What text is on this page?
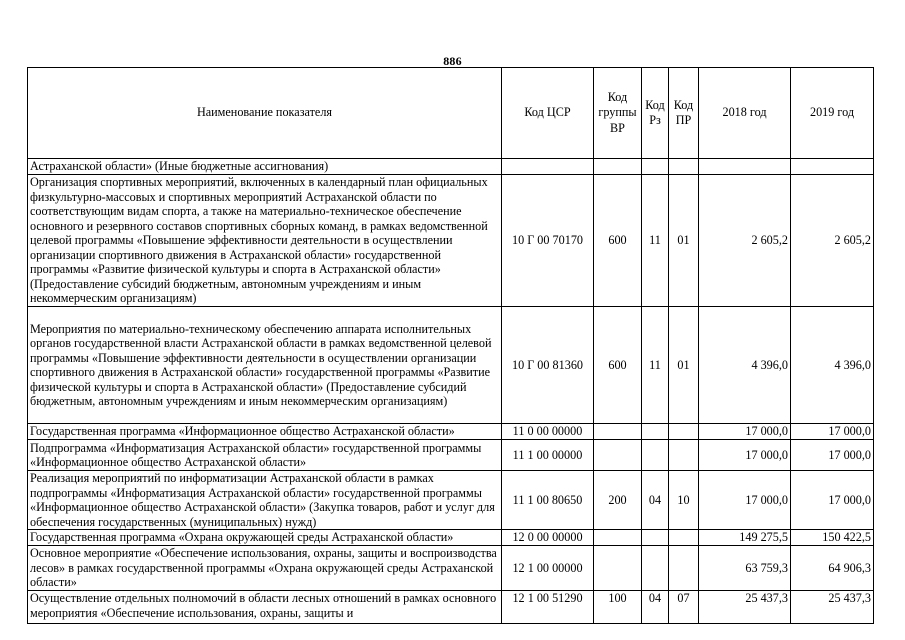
886
Наименование показателя	Код ЦСР	Код группы ВР	Код Рз	Код ПР	2018 год	2019 год
Астраханской области» (Иные бюджетные ассигнования)						
Организация спортивных мероприятий, включенных в календарный план официальных физкультурно-массовых и спортивных мероприятий Астраханской области по соответствующим видам спорта, а также на материально-техническое обеспечение основного и резервного составов спортивных сборных команд, в рамках ведомственной целевой программы «Повышение эффективности деятельности в осуществлении организации спортивного движения в Астраханской области» государственной программы «Развитие физической культуры и спорта в Астраханской области» (Предоставление субсидий бюджетным, автономным учреждениям и иным некоммерческим организациям)	10 Г 00 70170	600	11	01	2 605,2	2 605,2
Мероприятия по материально-техническому обеспечению аппарата исполнительных органов государственной власти Астраханской области в рамках ведомственной целевой программы «Повышение эффективности деятельности в осуществлении организации спортивного движения в Астраханской области» государственной программы «Развитие физической культуры и спорта в Астраханской области» (Предоставление субсидий бюджетным, автономным учреждениям и иным некоммерческим организациям)	10 Г 00 81360	600	11	01	4 396,0	4 396,0
Государственная программа «Информационное общество Астраханской области»	11 0 00 00000				17 000,0	17 000,0
Подпрограмма «Информатизация Астраханской области» государственной программы «Информационное общество Астраханской области»	11 1 00 00000				17 000,0	17 000,0
Реализация мероприятий по информатизации Астраханской области в рамках подпрограммы «Информатизация Астраханской области» государственной программы «Информационное общество Астраханской области» (Закупка товаров, работ и услуг для обеспечения государственных (муниципальных) нужд)	11 1 00 80650	200	04	10	17 000,0	17 000,0
Государственная программа «Охрана окружающей среды Астраханской области»	12 0 00 00000				149 275,5	150 422,5
Основное мероприятие «Обеспечение использования, охраны, защиты и воспроизводства лесов» в рамках государственной программы «Охрана окружающей среды Астраханской области»	12 1 00 00000				63 759,3	64 906,3
Осуществление отдельных полномочий в области лесных отношений в рамках основного мероприятия «Обеспечение использования, охраны, защиты и	12 1 00 51290	100	04	07	25 437,3	25 437,3
